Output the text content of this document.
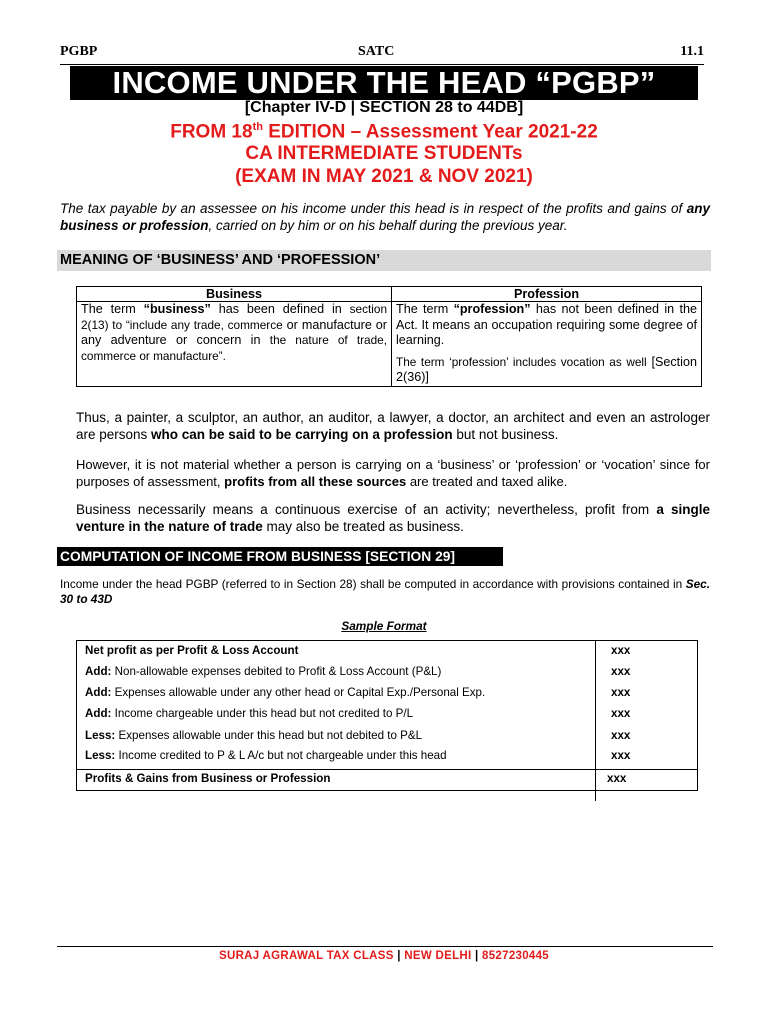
PGBP	SATC	11.1
INCOME UNDER THE HEAD “PGBP”
[Chapter IV-D | SECTION 28 to 44DB]
FROM 18th EDITION – Assessment Year 2021-22
CA INTERMEDIATE STUDENTs
(EXAM IN MAY 2021 & NOV 2021)
The tax payable by an assessee on his income under this head is in respect of the profits and gains of any business or profession, carried on by him or on his behalf during the previous year.
MEANING OF ‘BUSINESS’ AND ‘PROFESSION’
Business	Profession
The term “business” has been defined in section 2(13) to “include any trade, commerce or manufacture or any adventure or concern in the nature of trade, commerce or manufacture”.	The term “profession” has not been defined in the Act. It means an occupation requiring some degree of learning.
The term ‘profession’ includes vocation as well [Section 2(36)]
Thus, a painter, a sculptor, an author, an auditor, a lawyer, a doctor, an architect and even an astrologer are persons who can be said to be carrying on a profession but not business.
However, it is not material whether a person is carrying on a ‘business’ or ‘profession’ or ‘vocation’ since for purposes of assessment, profits from all these sources are treated and taxed alike.
Business necessarily means a continuous exercise of an activity; nevertheless, profit from a single venture in the nature of trade may also be treated as business.
COMPUTATION OF INCOME FROM BUSINESS [SECTION 29]
Income under the head PGBP (referred to in Section 28) shall be computed in accordance with provisions contained in Sec. 30 to 43D
Sample Format
Net profit as per Profit & Loss Account	xxx
Add: Non-allowable expenses debited to Profit & Loss Account (P&L)	xxx
Add: Expenses allowable under any other head or Capital Exp./Personal Exp.	xxx
Add: Income chargeable under this head but not credited to P/L	xxx
Less: Expenses allowable under this head but not debited to P&L	xxx
Less: Income credited to P & L A/c but not chargeable under this head	xxx
Profits & Gains from Business or Profession	xxx
SURAJ AGRAWAL TAX CLASS | NEW DELHI | 8527230445
